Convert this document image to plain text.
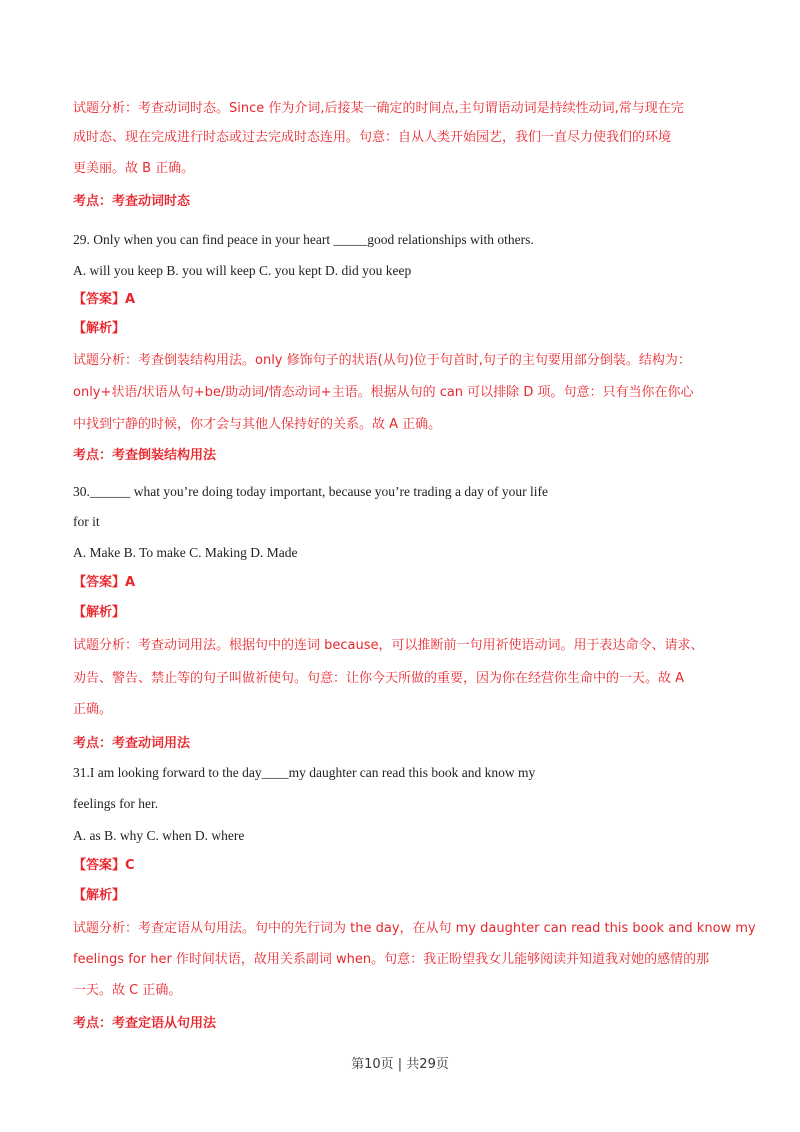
试题分析：考查动词时态。Since 作为介词,后接某一确定的时间点,主句谓语动词是持续性动词,常与现在完
成时态、现在完成进行时态或过去完成时态连用。句意：自从人类开始园艺，我们一直尽力使我们的环境
更美丽。故 B 正确。
考点：考查动词时态
29. Only when you can find peace in your heart _____good relationships with others.
A. will you keep B. you will keep C. you kept D. did you keep
【答案】A
【解析】
试题分析：考查倒装结构用法。only 修饰句子的状语(从句)位于句首时,句子的主句要用部分倒装。结构为：
only+状语/状语从句+be/助动词/情态动词+主语。根据从句的 can 可以排除 D 项。句意：只有当你在你心
中找到宁静的时候，你才会与其他人保持好的关系。故 A 正确。
考点：考查倒装结构用法
30.______ what you’re doing today important, because you’re trading a day of your life
for it
A. Make B. To make C. Making D. Made
【答案】A
【解析】
试题分析：考查动词用法。根据句中的连词 because，可以推断前一句用祈使语动词。用于表达命令、请求、
劝告、警告、禁止等的句子叫做祈使句。句意：让你今天所做的重要，因为你在经营你生命中的一天。故 A
正确。
考点：考查动词用法
31.I am looking forward to the day____my daughter can read this book and know my
feelings for her.
A. as B. why C. when D. where
【答案】C
【解析】
试题分析：考查定语从句用法。句中的先行词为 the day，在从句 my daughter can read this book and know my
feelings for her 作时间状语，故用关系副词 when。句意：我正盼望我女儿能够阅读并知道我对她的感情的那
一天。故 C 正确。
考点：考查定语从句用法
第10页 | 共29页
